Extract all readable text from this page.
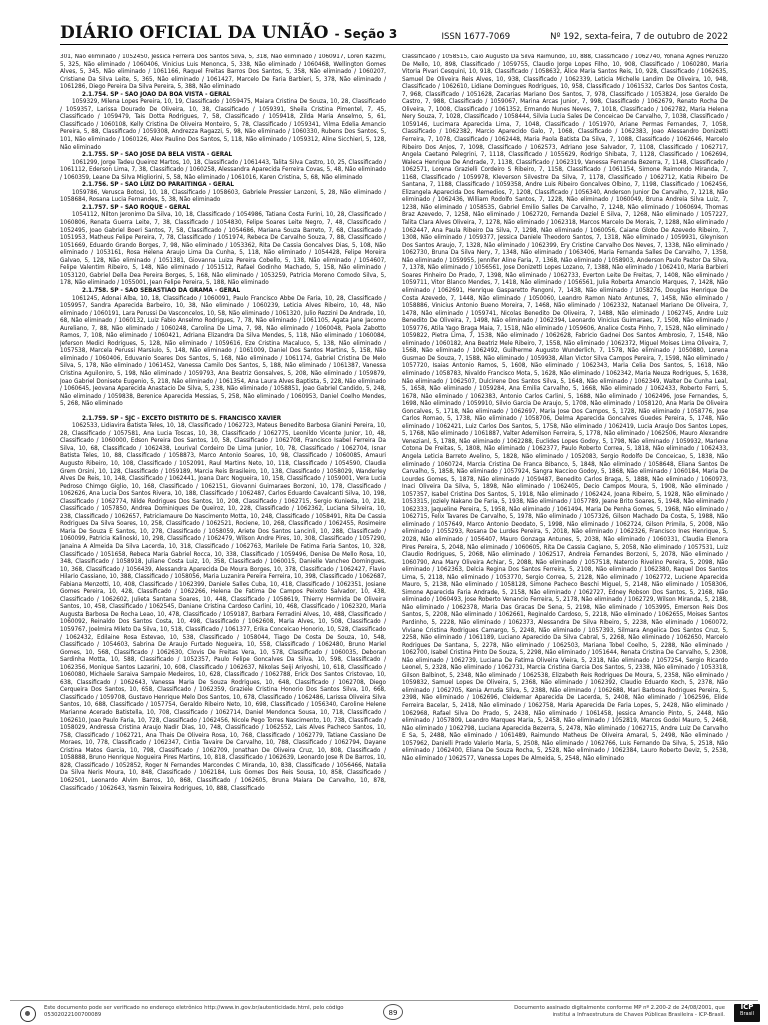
DIÁRIO OFICIAL DA UNIÃO - Seção 3	ISSN 1677-7069	Nº 192, sexta-feira, 7 de outubro de 2022

301, Não eliminado / 1052450, Jessica Ferreira Dos Santos Silva, 5, 318, Não eliminado / 1060917, Loren Kazimi, 5, 325, Não eliminado / 1060406, Vinicius Luis Menonca, 5, 338, Não eliminado / 1060468, Wellington Gomes Alves, 5, 345, Não eliminado / 1061166, Raquel Freitas Barros Dos Santos, 5, 358, Não eliminado / 1060207, Cristiane Da Silva Leite, 5, 365, Não eliminado / 1061427, Marcelo De Faria Barbieri, 5, 378, Não eliminado / 1061286, Diego Pereira Da Silva Pereira, 5, 388, Não eliminado

2.1.754. SP - SAO JOAO DA BOA VISTA - GERAL

1059329, Milena Lopes Pereira, 10, 19, Classificado / 1059475, Maiara Cristina De Souza, 10, 28, Classificado / 1059357, Larissa Dourado De Oliveira, 10, 38, Classificado / 1059391, Sheila Cristina Pimentel, 7, 45, Classificado / 1059479, Tais Dotta Rodrigues, 7, 58, Classificado / 1059418, Zilda Maria Anselmo, 5, 61, Classificado / 1060108, Kelly Cristina De Oliveira Monteiro, 5, 78, Classificado / 1059341, Vilma Edelia Amancio Pereira, 5, 88, Classificado / 1059308, Andrezza Ragazzi, 5, 98, Não eliminado / 1060330, Rubens Dos Santos, 5, 101, Não eliminado / 1060126, Alex Paulino Dos Santos, 5, 118, Não eliminado / 1059312, Aline Sicchieri, 5, 128, Não eliminado

2.1.755. SP - SAO JOSE DA BELA VISTA - GERAL

1061299, Jorge Tadeu Queiroz Martos, 10, 18, Classificado / 1061443, Talita Silva Castro, 10, 25, Classificado / 1061112, Ederson Lima, 7, 38, Classificado / 1060258, Alessandra Aparecida Ferreira Covas, 5, 48, Não eliminado / 1060359, Leane Da Silva Migliorini, 5, 58, Não eliminado / 1061016, Karen Cristina, 5, 68, Não eliminado

2.1.756. SP - SAO LUIZ DO PARAITINGA - GERAL

1059786, Verusca Botosi, 10, 18, Classificado / 1058603, Gabriele Pressier Lanzoni, 5, 28, Não eliminado / 1058684, Rosana Lucia Fernandes, 5, 38, Não eliminado

2.1.757. SP - SAO ROQUE - GERAL

1054112, Nilton Jeronimo Da Silva, 10, 18, Classificado / 1054986, Tatiana Costa Furini, 10, 28, Classificado / 1060806, Renata Guerra Leite, 7, 38, Classificado / 1054830, Felipe Soares Leite Negro, 7, 48, Classificado / 1052495, Joao Gabriel Boeri Santos, 7, 58, Classificado / 1054686, Mariana Souza Barreto, 7, 68, Classificado / 1051953, Matheus Felipe Pereira, 7, 78, Classificado / 1051974, Rebeca De Carvalho Souza, 7, 88, Classificado / 1051669, Eduardo Grando Borges, 7, 98, Não eliminado / 1053362, Rita De Cassia Goncalves Dias, 5, 108, Não eliminado / 1053161, Rosa Helena Araujo Lima Da Cunha, 5, 118, Não eliminado / 1054428, Felipe Moreira Galvao, 5, 128, Não eliminado / 1051381, Giovanna Luiza Pereira Cobello, 5, 138, Não eliminado / 1054607, Felipe Valentim Ribeiro, 5, 148, Não eliminado / 1051512, Rafael Godinho Machado, 5, 158, Não eliminado / 1053120, Gabriel Della Dea Pereira Borges, 5, 168, Não eliminado / 1053259, Patricia Moreno Comodo Silva, 5, 178, Não eliminado / 1055001, Jean Felipe Pereira, 5, 188, Não eliminado

2.1.758. SP - SAO SEBASTIAO DA GRAMA - GERAL

1061245, Adonai Alba, 10, 18, Classificado / 1060091, Paulo Francisco Abbe De Faria, 10, 28, Classificado / 1059957, Sandra Aparecida Barbeiro, 10, 38, Não eliminado / 1060239, Leticia Alves Ribeiro, 10, 48, Não eliminado / 1060191, Lara Perussi De Vasconcelos, 10, 58, Não eliminado / 1061320, Julio Rezzini De Andrade, 10, 68, Não eliminado / 1060132, Luiz Fabio Anselmo Rodrigues, 7, 78, Não eliminado / 1061105, Agata Jane Jacomo Aureliano, 7, 88, Não eliminado / 1060248, Carolina De Lima, 7, 98, Não eliminado / 1060048, Paola Zabotto Ramos, 7, 108, Não eliminado / 1060421, Adriana Elizandra Da Silva Mendes, 5, 118, Não eliminado / 1060084, Jeferson Medici Rodrigues, 5, 128, Não eliminado / 1059616, Eze Cristina Macaluco, 5, 138, Não eliminado / 1057538, Marcela Perussi Marsiulo, 5, 148, Não eliminado / 1061009, Daniel Dos Santos Martins, 5, 158, Não eliminado / 1060406, Eduvanio Soares Dos Santos, 5, 168, Não eliminado / 1061174, Gabriel Cristina De Melo Silva, 5, 178, Não eliminado / 1061452, Vanessa Camilo Dos Santos, 5, 188, Não eliminado / 1061387, Vanessa Cristina Aguiloniro, 5, 198, Não eliminado / 1059793, Ana Beatriz Gonsalves, 5, 208, Não eliminado / 1059879, Joao Gabriel Donisete Eugenio, 5, 218, Não eliminado / 1061354, Ana Laura Alves Baptista, 5, 228, Não eliminado / 1060645, Jeovana Aparecida Anastacio De Silva, 5, 238, Não eliminado / 1058851, Joao Gabriel Candido, 5, 248, Não eliminado / 1059838, Berenice Aparecida Messias, 5, 258, Não eliminado / 1060953, Daniel Coelho Mendes, 5, 268, Não eliminado

2.1.759. SP - SJC - EXCETO DISTRITO DE S. FRANCISCO XAVIER

1062533, Lidiavira Batista Teles, 10, 18, Classificado / 1062723, Mateus Benedito Barbosa Gianini Pereira, 10, 28, Classificado / 1057581, Ana Lucia Toscas, 10, 38, Classificado / 1062775, Leonildo Vicente Junior, 10, 48, Classificado / 1060000, Edson Pereira Dos Santos, 10, 58, Classificado / 1062708, Francisco Isabel Ferreira Da Silva, 10, 68, Classificado / 1062438, Lourival Cordeiro De Lima Junior, 10, 78, Classificado / 1062704, Isnar Batista Teles, 10, 88, Classificado / 1058873, Marco Antonio Soares, 10, 98, Classificado / 1060085, Amauri Augusto Ribeiro, 10, 108, Classificado / 1052091, Raul Martins Neto, 10, 118, Classificado / 1054590, Claudia Grem Orsini, 10, 128, Classificado / 1059189, Marcia Reis Brasileiro, 10, 138, Classificado / 1058029, Wanderley Alves De Reis, 10, 148, Classificado / 1062441, Joana Darc Nogueira, 10, 158, Classificado / 1059001, Vera Lucia Pedroso Chimgo Giglio, 10, 168, Classificado / 1062151, Giovanni Guimaraes Borzoni, 10, 178, Classificado / 1062626, Ana Lucia Dos Santos Rivera, 10, 188, Classificado / 1062487, Carlos Eduardo Cavalcanti Silva, 10, 198, Classificado / 1062774, Nilde Rodrigues Dos Santos, 10, 208, Classificado / 1062715, Sergio Kunieda, 10, 218, Classificado / 1057850, Andrea Dominiques De Queiroz, 10, 228, Classificado / 1062362, Luciana Silveira, 10, 238, Classificado / 1062657, Patriciamaure Do Nascimento Motta, 10, 248, Classificado / 1058491, Rita De Cassia Rodrigues Da Silva Soares, 10, 258, Classificado / 1062521, Rociene, 10, 268, Classificado / 1062455, Rosimeire Maria De Souza E Santos, 10, 278, Classificado / 1058059, Ariete Dos Santos Lancinli, 10, 288, Classificado / 1060099, Patricia Kalinoski, 10, 298, Classificado / 1062479, Wilson Andre Pires, 10, 308, Classificado / 1057290, Janaina A Almeida Da Silva Lacerda, 10, 318, Classificado / 1062763, Marilele De Fatima Faria Santos, 10, 328, Classificado / 1051658, Rebeca Maria Gabriel Rocca, 10, 338, Classificado / 1059496, Denise De Mello Rosa, 10, 348, Classificado / 1058918, Juliane Costa Luiz, 10, 358, Classificado / 1060015, Danielle Vancheo Domingues, 10, 368, Classificado / 1056439, Alessandra Aparecida De Moura Borges, 10, 378, Classificado / 1062427, Flavio Hilario Cassiano, 10, 388, Classificado / 1058056, Maria Luzanira Pereira Ferreira, 10, 398, Classificado / 1062687, Fabiana Menzotti, 10, 408, Classificado / 1062399, Daniele Salles Cuba, 10, 418, Classificado / 1062351, Josiane Gomes Pereira, 10, 428, Classificado / 1062266, Helena De Fatima De Campos Peixoto Salvador, 10, 438, Classificado / 1062602, Julieta Santana Soares, 10, 448, Classificado / 1058619, Thierry Hermida De Oliveira Santos, 10, 458, Classificado / 1062545, Daniane Cristina Cardoso Carlini, 10, 468, Classificado / 1062320, Maria Augusta Barbosa De Rocha Leao, 10, 478, Classificado / 1059187, Barbara Ferradini Alves, 10, 488, Classificado / 1060092, Reinaldo Dos Santos Costa, 10, 498, Classificado / 1062608, Maria Alves, 10, 508, Classificado / 1059767, Joelmira Mileto Da Silva, 10, 518, Classificado / 1061377, Erika Conceicao Honorio, 10, 528, Classificado / 1062432, Edilaine Rosa Estevao, 10, 538, Classificado / 1058044, Tiago De Costa De Souza, 10, 548, Classificado / 1054603, Sabrina De Araujo Furtado Nogueira, 10, 558, Classificado / 1062480, Bruno Mariel Gomes, 10, 568, Classificado / 1062630, Clovis De Freitas Vera, 10, 578, Classificado / 1060035, Deboran Sardinha Motta, 10, 588, Classificado / 1052357, Paulo Felipe Goncalves Da Silva, 10, 598, Classificado / 1062356, Monique Santos Lazarini, 10, 608, Classificado / 1062637, Nikolas Seiji Ariyoshi, 10, 618, Classificado / 1060080, Michaele Saraiva Sampaio Medeiros, 10, 628, Classificado / 1062788, Erick Dos Santos Cristovao, 10, 638, Classificado / 1062643, Vanessa Maria De Souza Rodrigues, 10, 648, Classificado / 1062708, Diego Cerqueira Dos Santos, 10, 658, Classificado / 1062359, Graziele Cristina Honorio Dos Santos Silva, 10, 668, Classificado / 1059708, Gustavo Henrique Melo Dos Santos, 10, 678, Classificado / 1062486, Larissa Oliveira Silva Santos, 10, 688, Classificado / 1057754, Geraldo Ribeiro Neto, 10, 698, Classificado / 1056340, Caroline Helene Marianne Acerado Batistella, 10, 708, Classificado / 1062714, Daniel Mendonca Sousa, 10, 718, Classificado / 1062610, Joao Paulo Faria, 10, 728, Classificado / 1062456, Nicole Pego Torres Nascimento, 10, 738, Classificado / 1058029, Andressa Cristina Araujo Nadir Dias, 10, 748, Classificado / 1062552, Lais Alves Pacheco Santos, 10, 758, Classificado / 1062721, Ana Thais De Oliveira Rosa, 10, 768, Classificado / 1062779, Tatiane Cassiano De Moraes, 10, 778, Classificado / 1062347, Cintia Tavaire De Carvalho, 10, 788, Classificado / 1062794, Dayane Cristina Matos Garcia, 10, 798, Classificado / 1062709, Jonathan De Oliveira Cruz, 10, 808, Classificado / 1058888, Bruno Henrique Nogueira Pires Martins, 10, 818, Classificado / 1062639, Leonardo Jose R De Barros, 10, 828, Classificado / 1052852, Roger N Fernandes Marcondes C Miranda, 10, 838, Classificado / 1056466, Natalia Da Silva Neris Moura, 10, 848, Classificado / 1062184, Luis Gomes Dos Reis Sousa, 10, 858, Classificado / 1062501, Leonardo Alvim Barros, 10, 868, Classificado / 1062605, Bruna Maiara De Carvalho, 10, 878, Classificado / 1062643, Yasmin Teixeira Rodrigues, 10, 888, Classificado

Classificado / 1058515, Caio Augusto Da Silva Raimundo, 10, 888, Classificado / 1062740, Yohana Agnes Peruzzo De Mello, 10, 898, Classificado / 1059755, Claudio Jorge Lopes Filho, 10, 908, Classificado / 1060280, Maria Vitoria Pivari Cesquini, 10, 918, Classificado / 1058632, Alice Maria Santos Reis, 10, 928, Classificado / 1062635, Samuel De Oliveira Reis Alves, 10, 938, Classificado / 1062339, Leticia Michelle Landim De Oliveira, 10, 948, Classificado / 1062610, Lidiane Domingues Rodrigues, 10, 958, Classificado / 1061532, Carlos Dos Santos Costa, 7, 968, Classificado / 1051628, Zacarias Mariano Dos Santos, 7, 978, Classificado / 1053824, Jose Geraldo De Castro, 7, 988, Classificado / 1059067, Marina Arcas Junior, 7, 998, Classificado / 1062679, Renato Rocha De Oliveira, 7, 1008, Classificado / 1061352, Ermando Nunes Neves, 7, 1018, Classificado / 1062782, Maria Helena Nery Souza, 7, 1028, Classificado / 1058444, Silvia Lucia Sales De Conceicao De Carvalho, 7, 1038, Classificado / 1059146, Lucimara Aparecida Lima, 7, 1048, Classificado / 1051970, Ariane Permas Fernandes, 7, 1058, Classificado / 1062382, Marcio Aparecido Galo, 7, 1068, Classificado / 1062383, Joao Alessandro Donizetti Ferreira, 7, 1078, Classificado / 1062448, Maria Paola Batista Da Silva, 7, 1088, Classificado / 1062646, Marcelo Ribeiro Dos Anjos, 7, 1098, Classificado / 1062573, Adriano Jose Salvador, 7, 1108, Classificado / 1062717, Angela Caetano Pelegrini, 7, 1118, Classificado / 1055629, Rodrigo Shibata, 7, 1128, Classificado / 1062694, Waleca Henrique De Andrade, 7, 1138, Classificado / 1062319, Vanessa Fernanda Bezerra, 7, 1148, Classificado / 1062571, Lorena Grazielli Cordeiro S Ribeiro, 7, 1158, Classificado / 1061154, Simone Raimondo Miranda, 7, 1168, Classificado / 1059978, Kleverson Silvestre Da Silva, 7, 1178, Classificado / 1062712, Katia Ribeiro De Santana, 7, 1188, Classificado / 1059358, Andre Luis Ribeiro Goncalves Olbino, 7, 1198, Classificado / 1062456, Elizangela Aparecida Dos Remedios, 7, 1208, Classificado / 1056340, Anderson Junior De Carvalho, 7, 1218, Não eliminado / 1062436, William Rodolfo Santos, 7, 1228, Não eliminado / 1060049, Bruna Andreia Silva Luiz, 7, 1238, Não eliminado / 1058535, Gabriel Emilio Salles De Carvalho, 7, 1248, Não eliminado / 1060694, Thomas Braz Azevedo, 7, 1258, Não eliminado / 1062720, Fernanda Deziel E Silva, 7, 1268, Não eliminado / 1057227, Talita Clara Alves Oliveira, 7, 1278, Não eliminado / 1062318, Marcos Marcelo De Morais, 7, 1288, Não eliminado / 1062447, Ana Paula Ribeiro Da Silva, 7, 1298, Não eliminado / 1060056, Caiane Globo De Azevedo Ribeiro, 7, 1308, Não eliminado / 1059377, Jessica Daniele Theodoro Santos, 7, 1318, Não eliminado / 1059931, Gleynison Dos Santos Araujo, 7, 1328, Não eliminado / 1062399, Ery Cristine Carvalho Dos Neves, 7, 1338, Não eliminado / 1062730, Bruna Da Silva Nery, 7, 1348, Não eliminado / 1063406, Maria Fernanda Salles De Carvalho, 7, 1358, Não eliminado / 1059955, Jennifer Aline Faria, 7, 1368, Não eliminado / 1058903, Anderson Paulo Pastor Da Silva, 7, 1378, Não eliminado / 1056561, Jose Donizetti Lopes Lozano, 7, 1388, Não eliminado / 1062410, Maria Barbieri Soares Pinheiro Do Prado, 7, 1398, Não eliminado / 1062733, Everton Leite De Freitas, 7, 1408, Não eliminado / 1059711, Vitor Blanco Mendes, 7, 1418, Não eliminado / 1056561, Julia Roberta Amancio Marques, 7, 1428, Não eliminado / 1062691, Henrique Gasparetto Pangoni, 7, 1438, Não eliminado / 1058276, Douglas Henrique De Costa Azevedo, 7, 1448, Não eliminado / 1050060, Leandro Ramon Nato Antunes, 7, 1458, Não eliminado / 1058886, Vinicius Antonio Bueno Moreira, 7, 1468, Não eliminado / 1062332, Natanael Mariano De Oliveira, 7, 1478, Não eliminado / 1059741, Nicolas Benedito De Oliveira, 7, 1488, Não eliminado / 1062745, Andre Luiz Benedito De Oliveira, 7, 1498, Não eliminado / 1062394, Leonardo Vinicius Guimaraes, 7, 1508, Não eliminado / 1059776, Atila Yago Braga Maia, 7, 1518, Não eliminado / 1059606, Analice Costa Pinho, 7, 1528, Não eliminado / 1059822, Pietra Lima, 7, 1538, Não eliminado / 1062628, Fabricio Gadnei Dos Santos Ambrosio, 7, 1548, Não eliminado / 1060182, Ana Beatriz Mele Ribeiro, 7, 1558, Não eliminado / 1062372, Miguel Moises Lima Oliveira, 7, 1568, Não eliminado / 1062492, Guilherme Augusto Wunderlich, 7, 1578, Não eliminado / 1050880, Lorena Gusmao De Souza, 7, 1588, Não eliminado / 1059938, Allan Victor Silva Campos Pereira, 7, 1598, Não eliminado / 1057720, Isaias Antonio Ramos, 5, 1608, Não eliminado / 1062343, Maria Celia Dos Santos, 5, 1618, Não eliminado / 1058783, Nivaldo Francisco Mota, 5, 1628, Não eliminado / 1062342, Maria Neuza Rodrigues, 5, 1638, Não eliminado / 1062507, Dulcirene Dos Santos Silva, 5, 1648, Não eliminado / 1062349, Walter De Cunha Leal, 5, 1658, Não eliminado / 1059284, Ana Emilia Carvalho, 5, 1668, Não eliminado / 1062433, Roberto Ferri, 5, 1678, Não eliminado / 1062383, Antonio Carlos Carlini, 5, 1688, Não eliminado / 1062496, Jose Fernandes, 5, 1698, Não eliminado / 1059910, Silvio Garcia De Araujo, 5, 1708, Não eliminado / 1058120, Ana Maria De Oliveira Goncalves, 5, 1718, Não eliminado / 1062697, Maria Jose Dos Campos, 5, 1728, Não eliminado / 1058776, Jose Carlos Romao, 5, 1738, Não eliminado / 1058706, Delma Aparecida Goncalves Guedes Pereira, 5, 1748, Não eliminado / 1062421, Luiz Carlos Dos Santos, 5, 1758, Não eliminado / 1062419, Lucia Araujo Dos Santos Lopes, 5, 1768, Não eliminado / 1061887, Valter Ademilson Ferreira, 5, 1778, Não eliminado / 1062506, Mauro Alexandre Venezianl, 5, 1788, Não eliminado / 1062288, Euclides Lopes Godoy, 5, 1798, Não eliminado / 1059932, Marlene Cotona De Freitas, 5, 1808, Não eliminado / 1062377, Paulo Roberto Correa, 5, 1818, Não eliminado / 1062433, Angela Leticia Barreto Avelino, 5, 1828, Não eliminado / 1052083, Sergio Rodolfo De Conceicao, 5, 1838, Não eliminado / 1060724, Marcia Cristina De Franca Bibanco, 5, 1848, Não eliminado / 1058648, Eliana Santos De Carvalho, 5, 1858, Não eliminado / 1057924, Sangra Naccioo Godoy, 5, 1868, Não eliminado / 1060184, Maria De Lourdes Gomes, 5, 1878, Não eliminado / 1059487, Benedito Carlos Braga, 5, 1888, Não eliminado / 1060973, Inaci Oliveira Da Silva, 5, 1898, Não eliminado / 1062405, Decio Campos Moura, 5, 1908, Não eliminado / 1057357, Isabel Cristina Dos Santos, 5, 1918, Não eliminado / 1062424, Joana Ribeiro, 5, 1928, Não eliminado / 1053315, Joziely Nakano De Faria, 5, 1938, Não eliminado / 1057789, Jeane Brito Soares, 5, 1948, Não eliminado / 1062333, Jaqueline Pereira, 5, 1958, Não eliminado / 1061494, Maria De Penha Gomes, 5, 1968, Não eliminado / 1062715, Felix Tavares De Carvalho, 5, 1978, Não eliminado / 1057326, Gilson Machado Da Costa, 5, 1988, Não eliminado / 1057649, Marco Antonio Deodato, 5, 1998, Não eliminado / 1062724, Gilson Primila, 5, 2008, Não eliminado / 1055293, Rosana De Lurdes Pereira, 5, 2018, Não eliminado / 1062326, Francisco Ines Henrique, 5, 2028, Não eliminado / 1056407, Mauro Gonzaga Antunes, 5, 2038, Não eliminado / 1060331, Claudia Elenora Pires Pereira, 5, 2048, Não eliminado / 1060605, Rita De Cassia Cagiano, 5, 2058, Não eliminado / 1057531, Luiz Claudio Rodrigues, 5, 2068, Não eliminado / 1062517, Andreia Fernandes Borzoni, 5, 2078, Não eliminado / 1060790, Ana Mary Oliveira Achiar, 5, 2088, Não eliminado / 1057518, Natercio Rivelino Pereira, 5, 2098, Não eliminado / 1062363, Delcia Regina Dos Santos Ferreira, 5, 2108, Não eliminado / 1062380, Raquel Dos Santos Lima, 5, 2118, Não eliminado / 1053770, Sergio Correa, 5, 2128, Não eliminado / 1062772, Luciene Aparecida Mauro, 5, 2138, Não eliminado / 1058128, Simone Pacheco Beschi Miguel, 5, 2148, Não eliminado / 1058306, Simone Aparecida Faria Andrade, 5, 2158, Não eliminado / 1062727, Edney Robson Dos Santos, 5, 2168, Não eliminado / 1060493, Jose Roberto Venancio Ferreira, 5, 2178, Não eliminado / 1062729, Wilson Miranda, 5, 2188, Não eliminado / 1062378, Maria Das Gracas De Sena, 5, 2198, Não eliminado / 1053995, Emerson Reis Dos Santos, 5, 2208, Não eliminado / 1062661, Reginaldo Cardoso, 5, 2218, Não eliminado / 1062655, Moises Santos Pardinho, 5, 2228, Não eliminado / 1062373, Alessandra De Silva Ribeiro, 5, 2238, Não eliminado / 1060072, Viviane Cristina Rodrigues Camargo, 5, 2248, Não eliminado / 1057393, Silmara Angelica Dos Santos Cruz, 5, 2258, Não eliminado / 1061189, Luciano Aparecido Da Silva Cabral, 5, 2268, Não eliminado / 1062650, Marcelo Rodrigues De Santana, 5, 2278, Não eliminado / 1062503, Mariana Tobel Coelho, 5, 2288, Não eliminado / 1062700, Isabel Cristina Pinto De Souza, 5, 2298, Não eliminado / 1051644, Renata Cristina De Carvalho, 5, 2308, Não eliminado / 1062739, Luciana De Fatima Oliveira Vieira, 5, 2318, Não eliminado / 1057254, Sergio Ricardo Leonel, 5, 2328, Não eliminado / 1062731, Marcia Cristina Garcia Dos Santos, 5, 2338, Não eliminado / 1053318, Gilson Balbinot, 5, 2348, Não eliminado / 1062538, Elizabeth Reis Rodrigues De Moura, 5, 2358, Não eliminado / 1059832, Samuel Lopes De Oliveira, 5, 2368, Não eliminado / 1062392, Claudio Eduardo Koch, 5, 2378, Não eliminado / 1062705, Kenia Arruda Silva, 5, 2388, Não eliminado / 1062688, Mari Barbosa Rodrigues Pereira, 5, 2398, Não eliminado / 1062696, Cleidemar Aparecida De Lacerda, 5, 2408, Não eliminado / 1062596, Elide Ferreira Bacelar, 5, 2418, Não eliminado / 1062758, Maria Aparecida De Faria Lopes, 5, 2428, Não eliminado / 1062968, Rafael Silva Do Prado, 5, 2438, Não eliminado / 1061458, Jessica Amancio Pinto, 5, 2448, Não eliminado / 1057809, Leandro Marques Maria, 5, 2458, Não eliminado / 1052819, Marcos Godoi Mauro, 5, 2468, Não eliminado / 1062798, Luciana Aparecida Bezerra, 5, 2478, Não eliminado / 1062715, Andre Luiz De Carvalho E Sa, 5, 2488, Não eliminado / 1061489, Raimundo Matheus De Oliveira Amaral, 5, 2498, Não eliminado / 1057962, Danielli Prado Valerio Maria, 5, 2508, Não eliminado / 1062766, Luis Fernando Da Silva, 5, 2518, Não eliminado / 1062400, Eliana De Souza Rocha, 5, 2528, Não eliminado / 1062384, Lauro Roberto Deviz, 5, 2538, Não eliminado / 1062577, Vanessa Lopes De Almeida, 5, 2548, Não eliminado

Este documento pode ser verificado no endereço eletrônico http://www.in.gov.br/autenticidade.html, pelo código 05302022100700089	89
Documento assinado digitalmente conforme MP nº 2.200-2 de 24/08/2001, que institui a Infraestrutura de Chaves Públicas Brasileira - ICP-Brasil.
ICP
Brasil
